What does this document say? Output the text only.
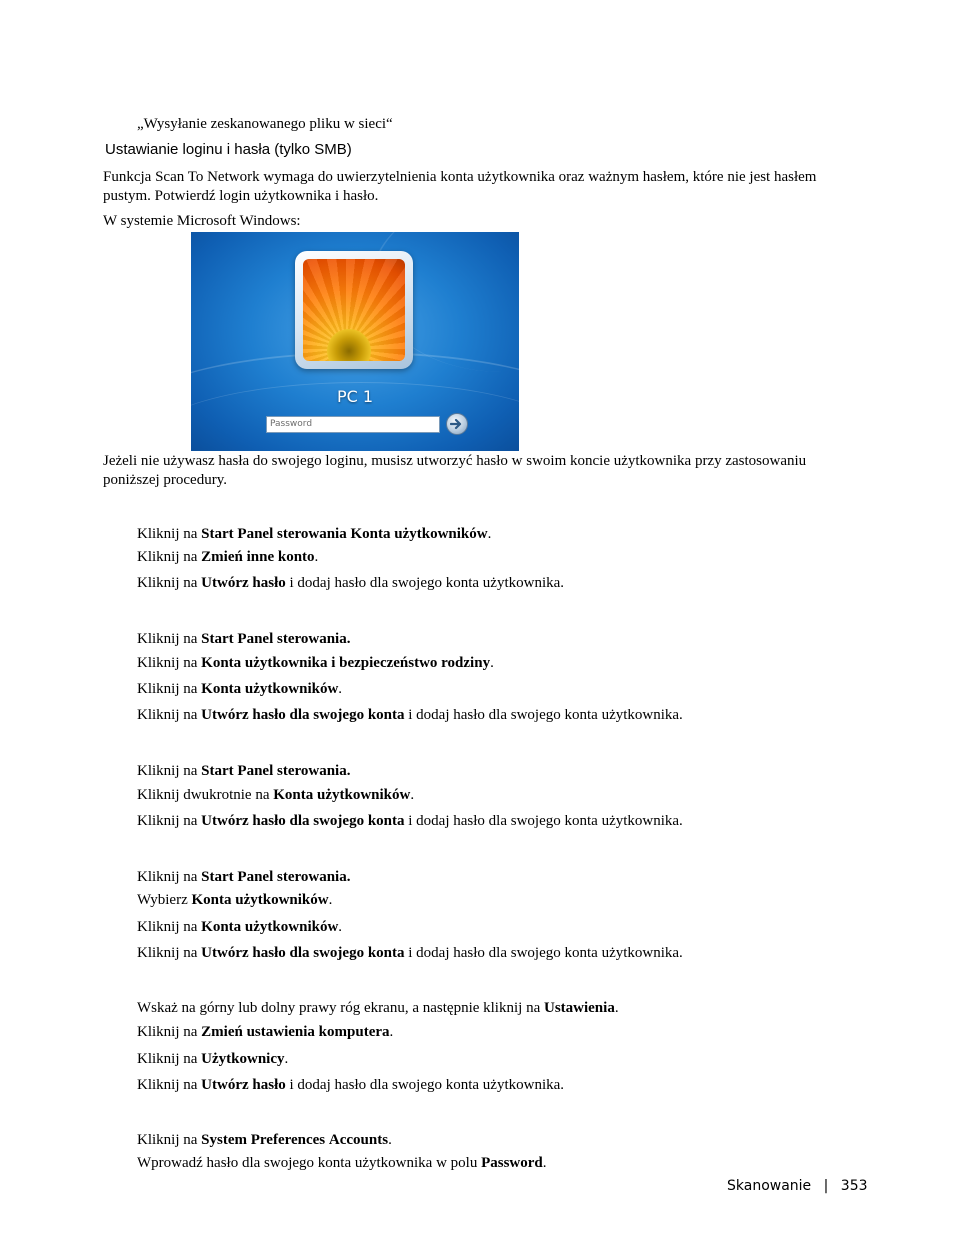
„Wysyłanie zeskanowanego pliku w sieci“
Ustawianie loginu i hasła (tylko SMB)
Funkcja Scan To Network wymaga do uwierzytelnienia konta użytkownika oraz ważnym hasłem, które nie jest hasłem pustym. Potwierdź login użytkownika i hasło.
W systemie Microsoft Windows:
PC 1
Password
Jeżeli nie używasz hasła do swojego loginu, musisz utworzyć hasło w swoim koncie użytkownika przy zastosowaniu poniższej procedury.
Kliknij na Start Panel sterowania Konta użytkowników.
Kliknij na Zmień inne konto.
Kliknij na Utwórz hasło i dodaj hasło dla swojego konta użytkownika.
Kliknij na Start Panel sterowania.
Kliknij na Konta użytkownika i bezpieczeństwo rodziny.
Kliknij na Konta użytkowników.
Kliknij na Utwórz hasło dla swojego konta i dodaj hasło dla swojego konta użytkownika.
Kliknij na Start Panel sterowania.
Kliknij dwukrotnie na Konta użytkowników.
Kliknij na Utwórz hasło dla swojego konta i dodaj hasło dla swojego konta użytkownika.
Kliknij na Start Panel sterowania.
Wybierz Konta użytkowników.
Kliknij na Konta użytkowników.
Kliknij na Utwórz hasło dla swojego konta i dodaj hasło dla swojego konta użytkownika.
Wskaż na górny lub dolny prawy róg ekranu, a następnie kliknij na Ustawienia.
Kliknij na Zmień ustawienia komputera.
Kliknij na Użytkownicy.
Kliknij na Utwórz hasło i dodaj hasło dla swojego konta użytkownika.
Kliknij na System Preferences Accounts.
Wprowadź hasło dla swojego konta użytkownika w polu Password.
Skanowanie | 353
